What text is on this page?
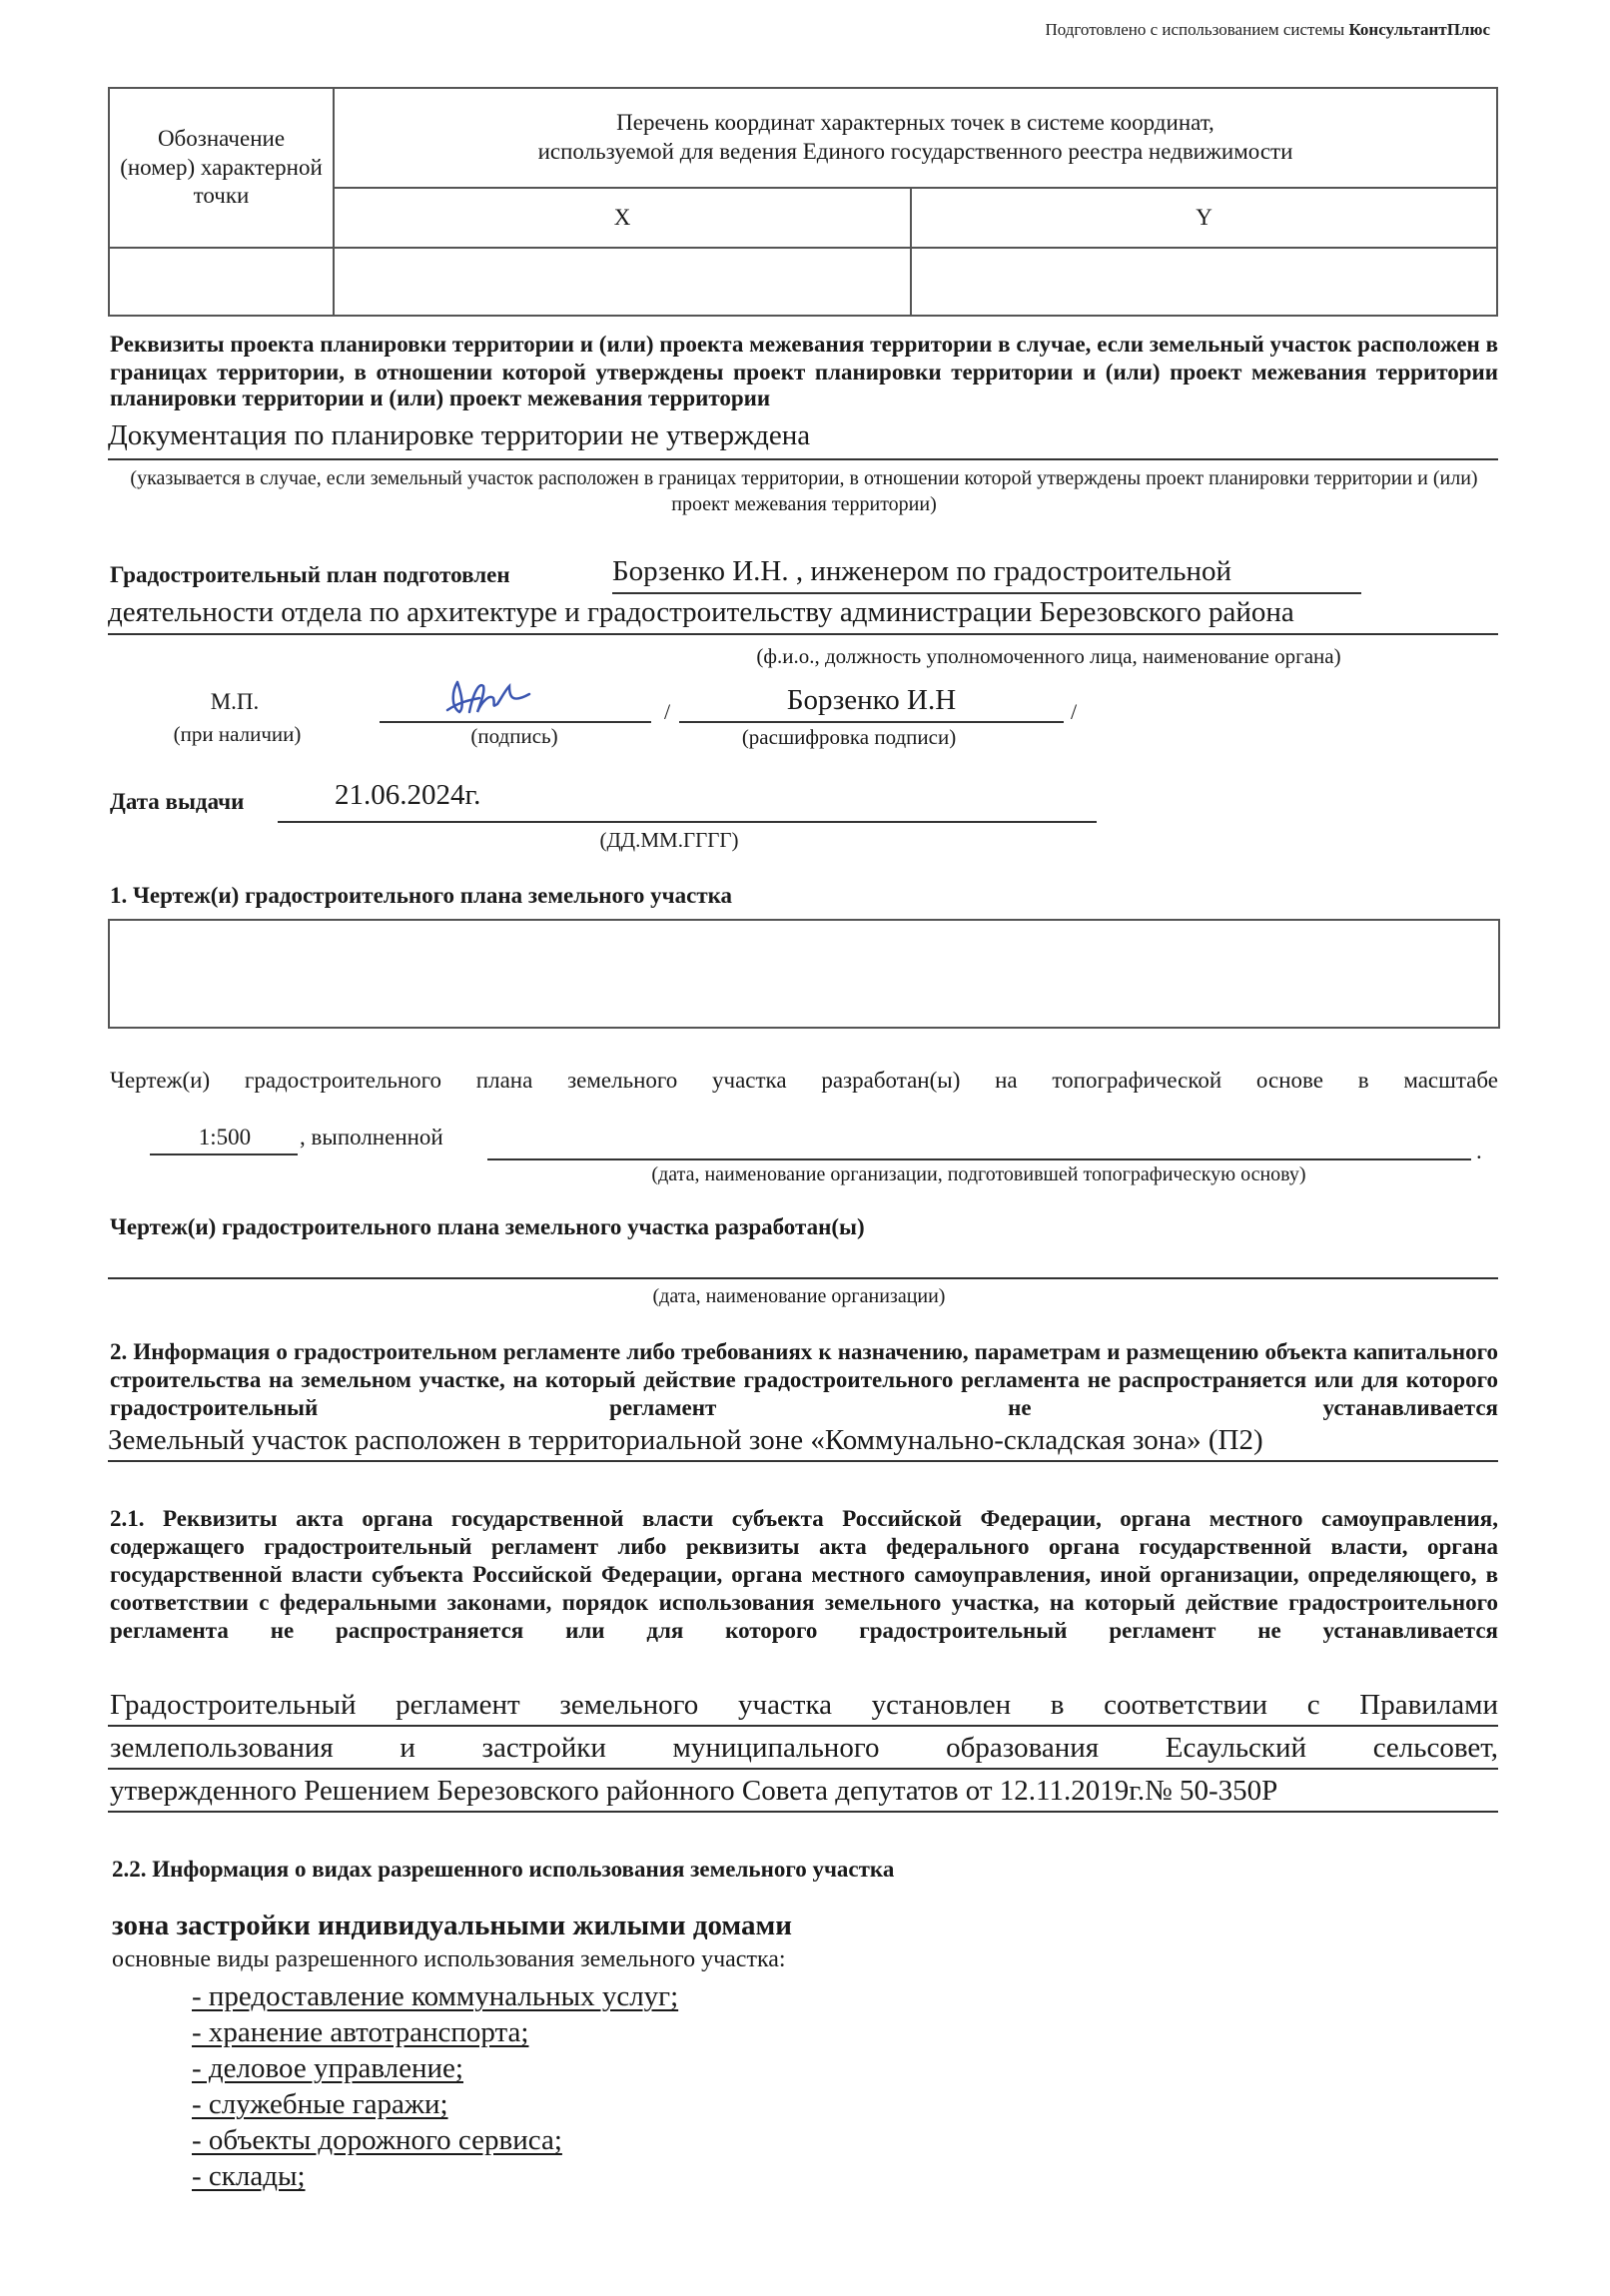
Подготовлено с использованием системы КонсультантПлюс
Обозначение (номер) характерной точки	Перечень координат характерных точек в системе координат,
используемой для ведения Единого государственного реестра недвижимости	

	X	Y

Реквизиты проекта планировки территории и (или) проекта межевания территории в случае, если земельный участок расположен в границах территории, в отношении которой утверждены проект планировки территории и (или) проект межевания территории
планировки территории и (или) проект межевания территории
Документация по планировке территории не утверждена
(указывается в случае, если земельный участок расположен в границах территории, в отношении которой утверждены проект планировки территории и (или) проект межевания территории)
Градостроительный план подготовлен	Борзенко И.Н. , инженером по градостроительной
деятельности отдела по архитектуре и градостроительству администрации Березовского района
(ф.и.о., должность уполномоченного лица, наименование органа)
М.П.
(при наличии)	(подпись)
/	Борзенко И.Н	/
(расшифровка подписи)
Дата выдачи	21.06.2024г.
(ДД.ММ.ГГГГ)
1. Чертеж(и) градостроительного плана земельного участка
Чертеж(и) градостроительного плана земельного участка разработан(ы) на топографической основе в масштабе
1:500	, выполненной
.
(дата, наименование организации, подготовившей топографическую основу)
Чертеж(и) градостроительного плана земельного участка разработан(ы)
(дата, наименование организации)
2. Информация о градостроительном регламенте либо требованиях к назначению, параметрам и размещению объекта капитального строительства на земельном участке, на который действие градостроительного регламента не распространяется или для которого градостроительный регламент не устанавливается
Земельный участок расположен в территориальной зоне «Коммунально-складская зона» (П2)
2.1. Реквизиты акта органа государственной власти субъекта Российской Федерации, органа местного самоуправления, содержащего градостроительный регламент либо реквизиты акта федерального органа государственной власти, органа государственной власти субъекта Российской Федерации, органа местного самоуправления, иной организации, определяющего, в соответствии с федеральными законами, порядок использования земельного участка, на который действие градостроительного регламента не распространяется или для которого градостроительный регламент не устанавливается
Градостроительный регламент земельного участка установлен в соответствии с Правилами
землепользования и застройки муниципального образования Есаульский сельсовет,
утвержденного Решением Березовского районного Совета депутатов от 12.11.2019г.№ 50-350Р
2.2. Информация о видах разрешенного использования земельного участка
зона застройки индивидуальными жилыми домами
основные виды разрешенного использования земельного участка:
- предоставление коммунальных услуг;
- хранение автотранспорта;
- деловое управление;
- служебные гаражи;
- объекты дорожного сервиса;
- склады;
